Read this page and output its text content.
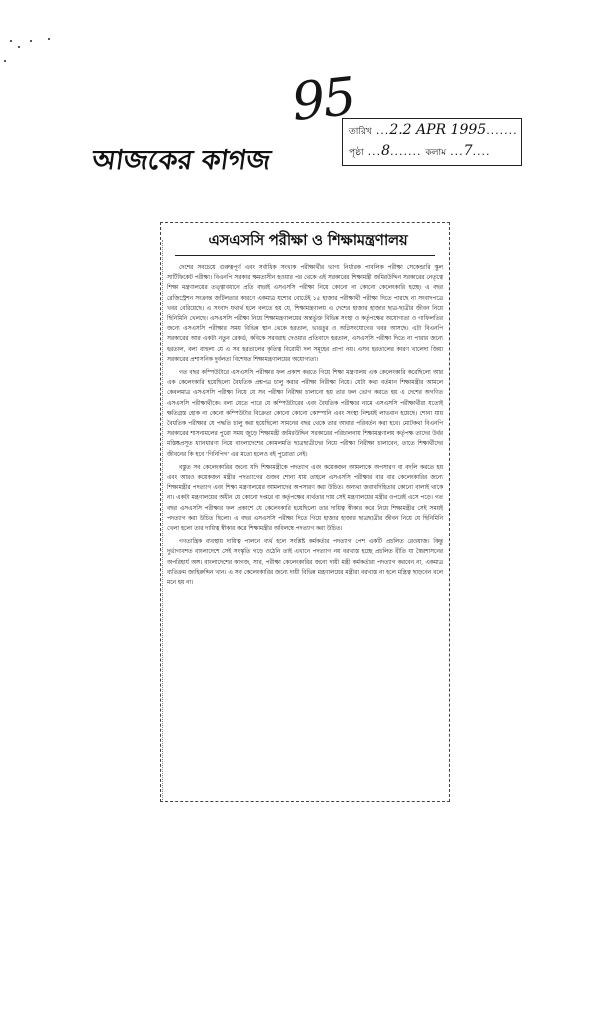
95
আজকের কাগজ
তারিখ ...2.2 APR 1995.......
পৃষ্ঠা ...8....... কলাম ...7....
এসএসসি পরীক্ষা ও শিক্ষামন্ত্রণালয়

দেশের সবচেয়ে গুরুত্বপূর্ণ এবং সর্বাধিক সংখ্যক পরীক্ষার্থীর ভাগ্য নির্ধারক পাবলিক পরীক্ষা সেকেন্ডারি স্কুল সার্টিফিকেট পরীক্ষা। বিএনপি সরকার ক্ষমতাসীন হওয়ার পর থেকে এই সরকারের শিক্ষামন্ত্রী জমিরউদ্দিন সরকারের নেতৃত্বে শিক্ষা মন্ত্রণালয়ের তত্ত্বাবধানে প্রতি বছরই এসএসসি পরীক্ষা নিয়ে কোনো না কোনো কেলেংকারি হচ্ছে। এ বছর রেজিস্ট্রেশন সংক্রান্ত জটিলতার কারণে একমাত্র যশোর বোর্ডেই ১৫ হাজার পরীক্ষার্থী পরীক্ষা দিতে পারছে না সংবাদপত্রে খবর বেরিয়েছে। এ সংবাদ যথার্থ হলে বলতে হয় যে, শিক্ষামন্ত্রণালয় এ দেশের হাজার হাজার ছাত্র-ছাত্রীর জীবন নিয়ে ছিনিমিনি খেলছে। এসএসসি পরীক্ষা নিয়ে শিক্ষামন্ত্রণালয়ের অন্তর্ভুক্ত বিভিন্ন সংস্থা ও কর্তৃপক্ষের অযোগ্যতা ও গাফিলতির জন্যে এসএসসি পরীক্ষার সময় বিভিন্ন স্থান থেকে হরতাল, ভাঙচুর ও অগ্নিসংযোগের খবর আসছে। এটা বিএনপি সরকারের আর একটা নতুন রেকর্ড, কবিকে সরবরাহ দেওয়ার প্রতিবাদে হরতাল, এসএসসি পরীক্ষা দিতে না পারার জন্যে হরতাল, বলা বাহুল্য যে এ সব হরতালের কৃতিত্ব বিরোধী দল সমূহের প্রাপ্য নয়। এসব হরতালের কারণ খালেদা জিয়া সরকারের প্রশাসনিক দুর্বলতা বিশেষত শিক্ষামন্ত্রণালয়ের অযোগ্যতা।

গত বছর কম্পিউটারে এসএসসি পরীক্ষার ফল প্রকাশ করতে গিয়ে শিক্ষা মন্ত্রণালয় এক কেলেংকারি করেছিলো আর এক কেলেংকারি হয়েছিলো বৈধতিক প্রশ্নপত্র চালু করার পরীক্ষা নিরীক্ষা নিয়ে। যেটা কথা বর্তমান শিক্ষামন্ত্রীর আমলে কেবলমাত্র এসএসসি পরীক্ষা নিয়ে যে সব পরীক্ষা নিরীক্ষা চালানো হয় তার ফল ভোগ করতে হয় এ দেশের অগণিত এসএসসি পরীক্ষার্থীকে। বলা যেতে পারে যে কম্পিউটারের এবং বৈধতিক পরীক্ষার নামে এসএসসি পরীক্ষার্থীরা যতোই ক্ষতিগ্রস্ত হোক না কেনো কম্পিউটার বিক্রেতা কোনো কোনো কোম্পানি এবং সংস্থা নিশ্চয়ই লাভবান হয়েছে। শোনা যায় বৈধতিক পরীক্ষার যে পদ্ধতি চালু করা হয়েছিলো সামনের বছর থেকে তার আবার পরিবর্তন করা হবে। মোটকথা বিএনপি সরকারের শাসনামলের পুরো সময় জুড়ে শিক্ষামন্ত্রী জমিরউদ্দিন সরকারের পরিচালনায় শিক্ষামন্ত্রণালয় কর্তৃপক্ষ তাদের উর্বর মস্তিষ্কপ্রসূত ধ্যানধারণা নিয়ে বাংলাদেশের কোমলমতি ছাত্রছাত্রীদের নিয়ে পরীক্ষা নিরীক্ষা চালাবেন, তাতে শিক্ষার্থীদের জীবনের কি হবে 'গিনিপিগ' এর মতো হলেও বই পুরোতা নেই।

বস্তুত সব কেলেংকারির জন্যে যদি শিক্ষামন্ত্রীকে পদত্যাগ এবং কয়েকজন আমলাকে অপসারণ বা বদলি করতে হয় এবং আরও কয়েকজন মন্ত্রীর পদত্যাগের গুজব শোনা যায় তাহলে এসএসসি পরীক্ষার বার বার কেলেংকারির জন্যে শিক্ষামন্ত্রীর পদত্যাগ এবং শিক্ষা মন্ত্রণালয়ের আমলাদের অপসারণ করা উচিত। অন্যথা জবাবদিহিতার কোনো বালাই থাকে না। একটা মন্ত্রণালয়ের অধীন যে কোনো দপ্তরে বা কর্তৃপক্ষের ব্যর্থতার দায় সেই মন্ত্রণালয়ের মন্ত্রীর ওপরেই এসে পড়ে। গত বছর এসএসসি পরীক্ষার ফল প্রকাশে যে কেলেংকারি হয়েছিলো তার দায়িত্ব স্বীকার করে নিয়ে শিক্ষামন্ত্রীর সেই সময়ই পদত্যাগ করা উচিত ছিলো। এ বছর এসএসসি পরীক্ষা দিতে গিয়ে হাজার হাজার ছাত্রছাত্রীর জীবন নিয়ে যে ছিনিমিনি খেলা হলো তার দায়িত্ব স্বীকার করে শিক্ষামন্ত্রীর অবিলম্বে পদত্যাগ করা উচিত।

গণতান্ত্রিক ব্যবস্থায় দায়িত্ব পালনে ব্যর্থ হলে সংশ্লিষ্ট কর্মকর্তার পদত্যাগ পেশ একটি প্রচলিত রেওয়াজ। কিন্তু দুর্ভাগ্যবশত বাংলাদেশে সেই সংস্কৃতি গড়ে ওঠেনি তাই এখানে পদত্যাগ নয় বরখাস্ত হচ্ছে প্রচলিত রীতি যা স্বৈরশাসনের অপরিহার্য অঙ্গ। বাংলাদেশের কাগজ, সার, পরীক্ষা কেলেংকারির জন্যে দায়ী মন্ত্রী কর্মকর্তারা পদত্যাগ করবেন না, একমাত্র ব্যতিক্রম জাহিরুদ্দিন খান। এ সব কেলেংকারির জন্যে দায়ী বিভিন্ন মন্ত্রণালয়ের মন্ত্রীরা বরখাস্ত না হলে মন্ত্রিত্ব ছাড়বেন বলে মনে হয় না।
